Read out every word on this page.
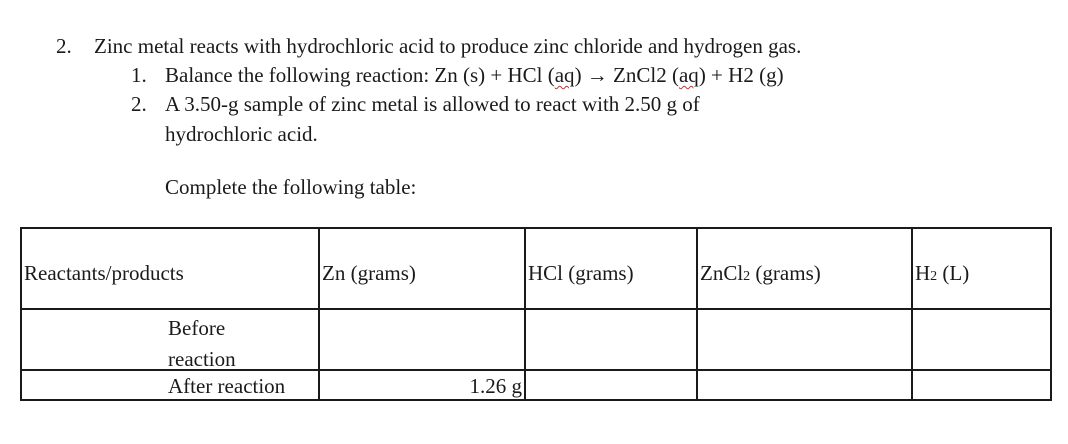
2. Zinc metal reacts with hydrochloric acid to produce zinc chloride and hydrogen gas.
1. Balance the following reaction: Zn (s) + HCl (aq) → ZnCl2 (aq) + H2 (g)
2. A 3.50-g sample of zinc metal is allowed to react with 2.50 g of
hydrochloric acid.
Complete the following table:
Reactants/products	Zn (grams)	HCl (grams)	ZnCl2 (grams)	H2 (L)

Before
reaction				

After reaction	1.26 g			
